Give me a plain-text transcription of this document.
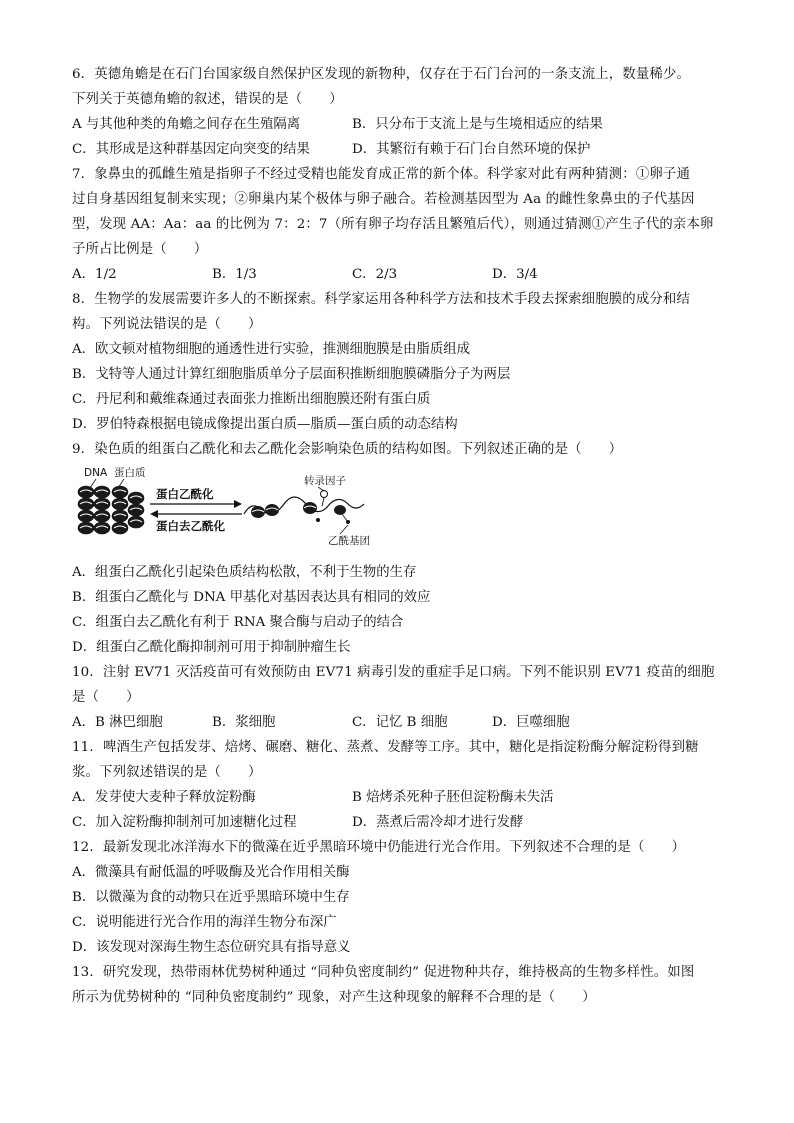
6．英德角蟾是在石门台国家级自然保护区发现的新物种，仅存在于石门台河的一条支流上，数量稀少。
下列关于英德角蟾的叙述，错误的是（　　）
A 与其他种类的角蟾之间存在生殖隔离	B．只分布于支流上是与生境相适应的结果
C．其形成是这种群基因定向突变的结果	D．其繁衍有赖于石门台自然环境的保护
7．象鼻虫的孤雌生殖是指卵子不经过受精也能发育成正常的新个体。科学家对此有两种猜测：①卵子通
过自身基因组复制来实现；②卵巢内某个极体与卵子融合。若检测基因型为 Aa 的雌性象鼻虫的子代基因
型，发现 AA：Aa：aa 的比例为 7：2：7（所有卵子均存活且繁殖后代），则通过猜测①产生子代的亲本卵
子所占比例是（　　）
A．1/2	B．1/3	C．2/3	D．3/4
8．生物学的发展需要许多人的不断探索。科学家运用各种科学方法和技术手段去探索细胞膜的成分和结
构。下列说法错误的是（　　）
A．欧文顿对植物细胞的通透性进行实验，推测细胞膜是由脂质组成
B．戈特等人通过计算红细胞脂质单分子层面积推断细胞膜磷脂分子为两层
C．丹尼利和戴维森通过表面张力推断出细胞膜还附有蛋白质
D．罗伯特森根据电镜成像提出蛋白质—脂质—蛋白质的动态结构
9．染色质的组蛋白乙酰化和去乙酰化会影响染色质的结构如图。下列叙述正确的是（　　）
DNA 蛋白质
蛋白乙酰化
蛋白去乙酰化
转录因子
乙酰基团
A．组蛋白乙酰化引起染色质结构松散，不利于生物的生存
B．组蛋白乙酰化与 DNA 甲基化对基因表达具有相同的效应
C．组蛋白去乙酰化有利于 RNA 聚合酶与启动子的结合
D．组蛋白乙酰化酶抑制剂可用于抑制肿瘤生长
10．注射 EV71 灭活疫苗可有效预防由 EV71 病毒引发的重症手足口病。下列不能识别 EV71 疫苗的细胞
是（　　）
A．B 淋巴细胞	B．浆细胞	C．记忆 B 细胞	D．巨噬细胞
11．啤酒生产包括发芽、焙烤、碾磨、糖化、蒸煮、发酵等工序。其中，糖化是指淀粉酶分解淀粉得到糖
浆。下列叙述错误的是（　　）
A．发芽使大麦种子释放淀粉酶	B 焙烤杀死种子胚但淀粉酶未失活
C．加入淀粉酶抑制剂可加速糖化过程	D．蒸煮后需冷却才进行发酵
12．最新发现北冰洋海水下的微藻在近乎黑暗环境中仍能进行光合作用。下列叙述不合理的是（　　）
A．微藻具有耐低温的呼吸酶及光合作用相关酶
B．以微藻为食的动物只在近乎黑暗环境中生存
C．说明能进行光合作用的海洋生物分布深广
D．该发现对深海生物生态位研究具有指导意义
13．研究发现，热带雨林优势树种通过 “同种负密度制约” 促进物种共存，维持极高的生物多样性。如图
所示为优势树种的 “同种负密度制约” 现象，对产生这种现象的解释不合理的是（　　）
